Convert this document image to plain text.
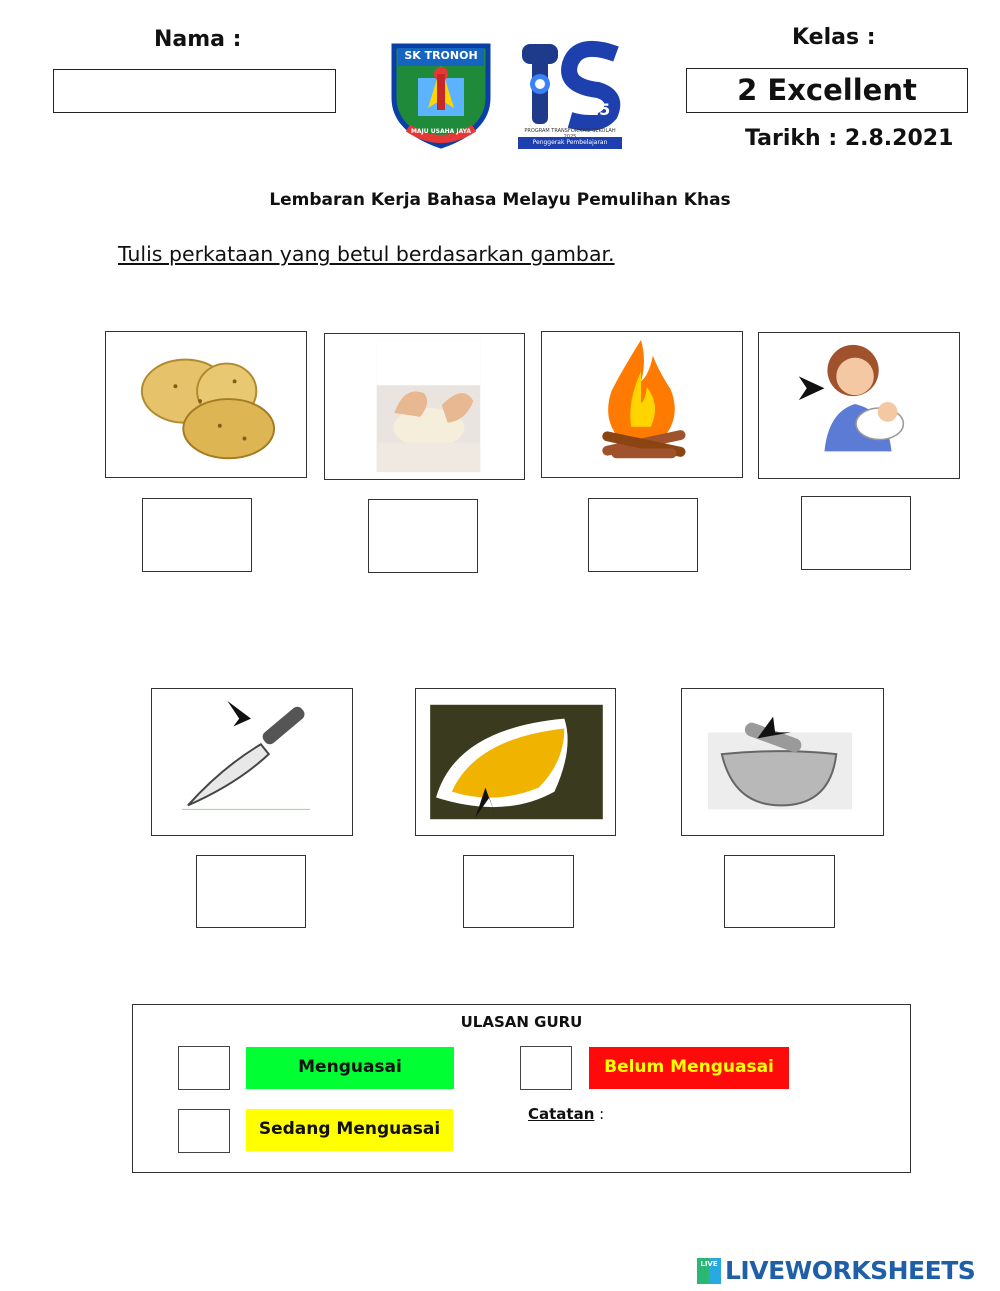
Nama :
SK TRONOH
MAJU USAHA JAYA
25
PROGRAM TRANSFORMASI SEKOLAH
Penggerak Pembelajaran Bermakna
Kelas :
2 Excellent
Tarikh : 2.8.2021
Lembaran Kerja Bahasa Melayu Pemulihan Khas
Tulis perkataan yang betul berdasarkan gambar.
ULASAN GURU
Menguasai	Belum Menguasai
Sedang Menguasai
Catatan :
LIVE LIVEWORKSHEETS
